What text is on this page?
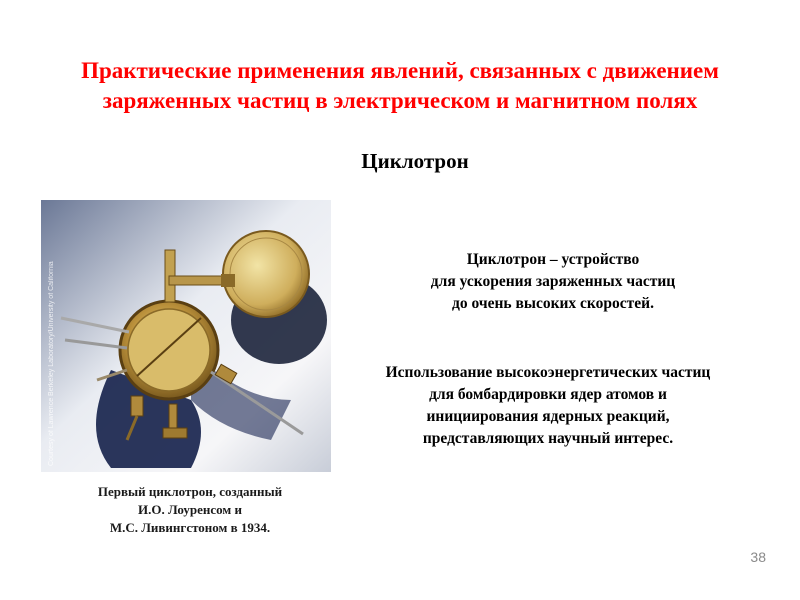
Практические применения явлений, связанных с движением
заряженных частиц в электрическом и магнитном полях
Циклотрон
Courtesy of Lawrence Berkeley Laboratory/University of California
Первый циклотрон, созданный
И.О. Лоуренсом и
М.С. Ливингстоном в 1934.
Циклотрон – устройство
для ускорения заряженных частиц
до очень высоких скоростей.
Использование высокоэнергетических частиц
для бомбардировки ядер атомов и
инициирования ядерных реакций,
представляющих научный интерес.
38
